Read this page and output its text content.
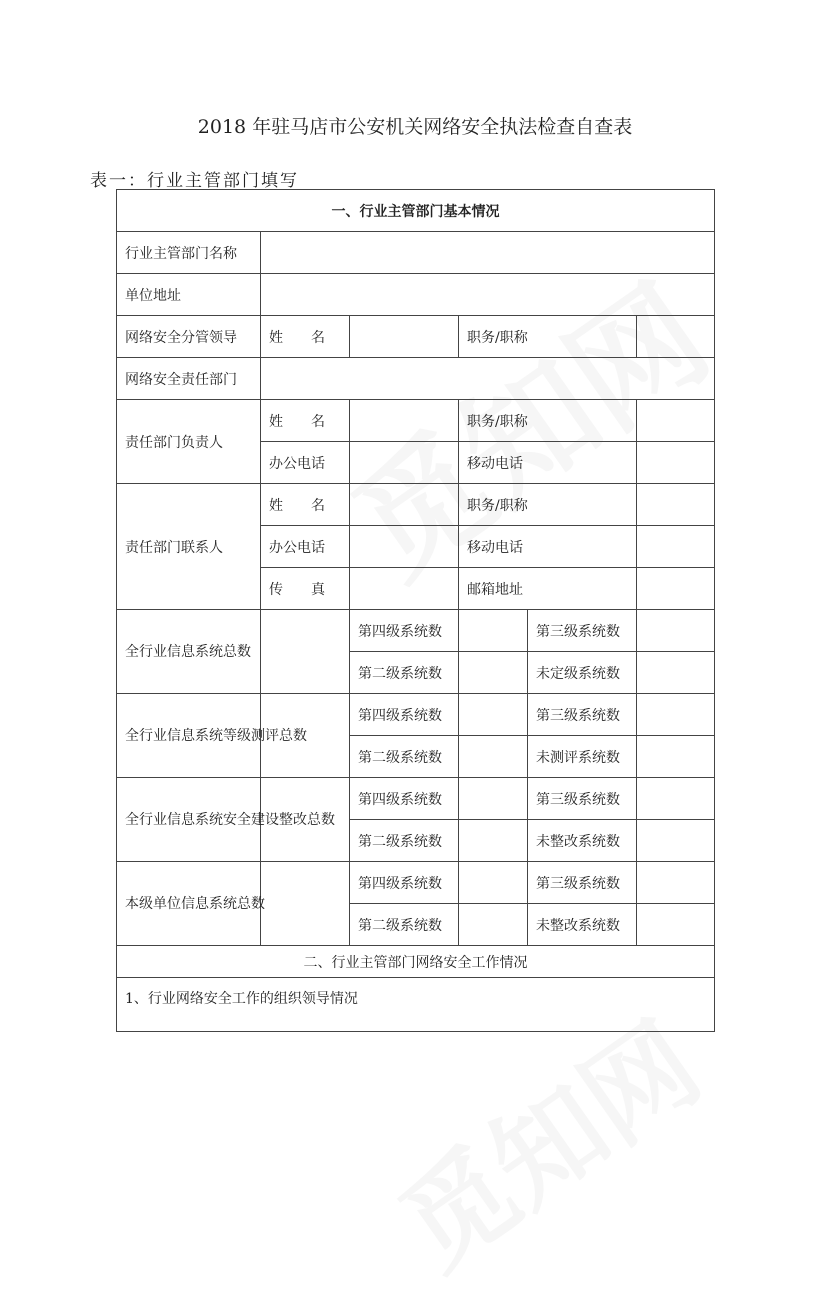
2018 年驻马店市公安机关网络安全执法检查自查表
表一：行业主管部门填写
一、行业主管部门基本情况					
行业主管部门名称					
单位地址					
网络安全分管领导	姓　　名		职务/职称		
网络安全责任部门					
责任部门负责人	姓　　名		职务/职称		
	办公电话		移动电话		
责任部门联系人	姓　　名		职务/职称		
	办公电话		移动电话		
	传　　真		邮箱地址		
全行业信息系统总数		第四级系统数		第三级系统数	
		第二级系统数		未定级系统数	
全行业信息系统等级测评总数		第四级系统数		第三级系统数	
		第二级系统数		未测评系统数	
全行业信息系统安全建设整改总数		第四级系统数		第三级系统数	
		第二级系统数		未整改系统数	
本级单位信息系统总数		第四级系统数		第三级系统数	
		第二级系统数		未整改系统数	
二、行业主管部门网络安全工作情况					
1、行业网络安全工作的组织领导情况					
